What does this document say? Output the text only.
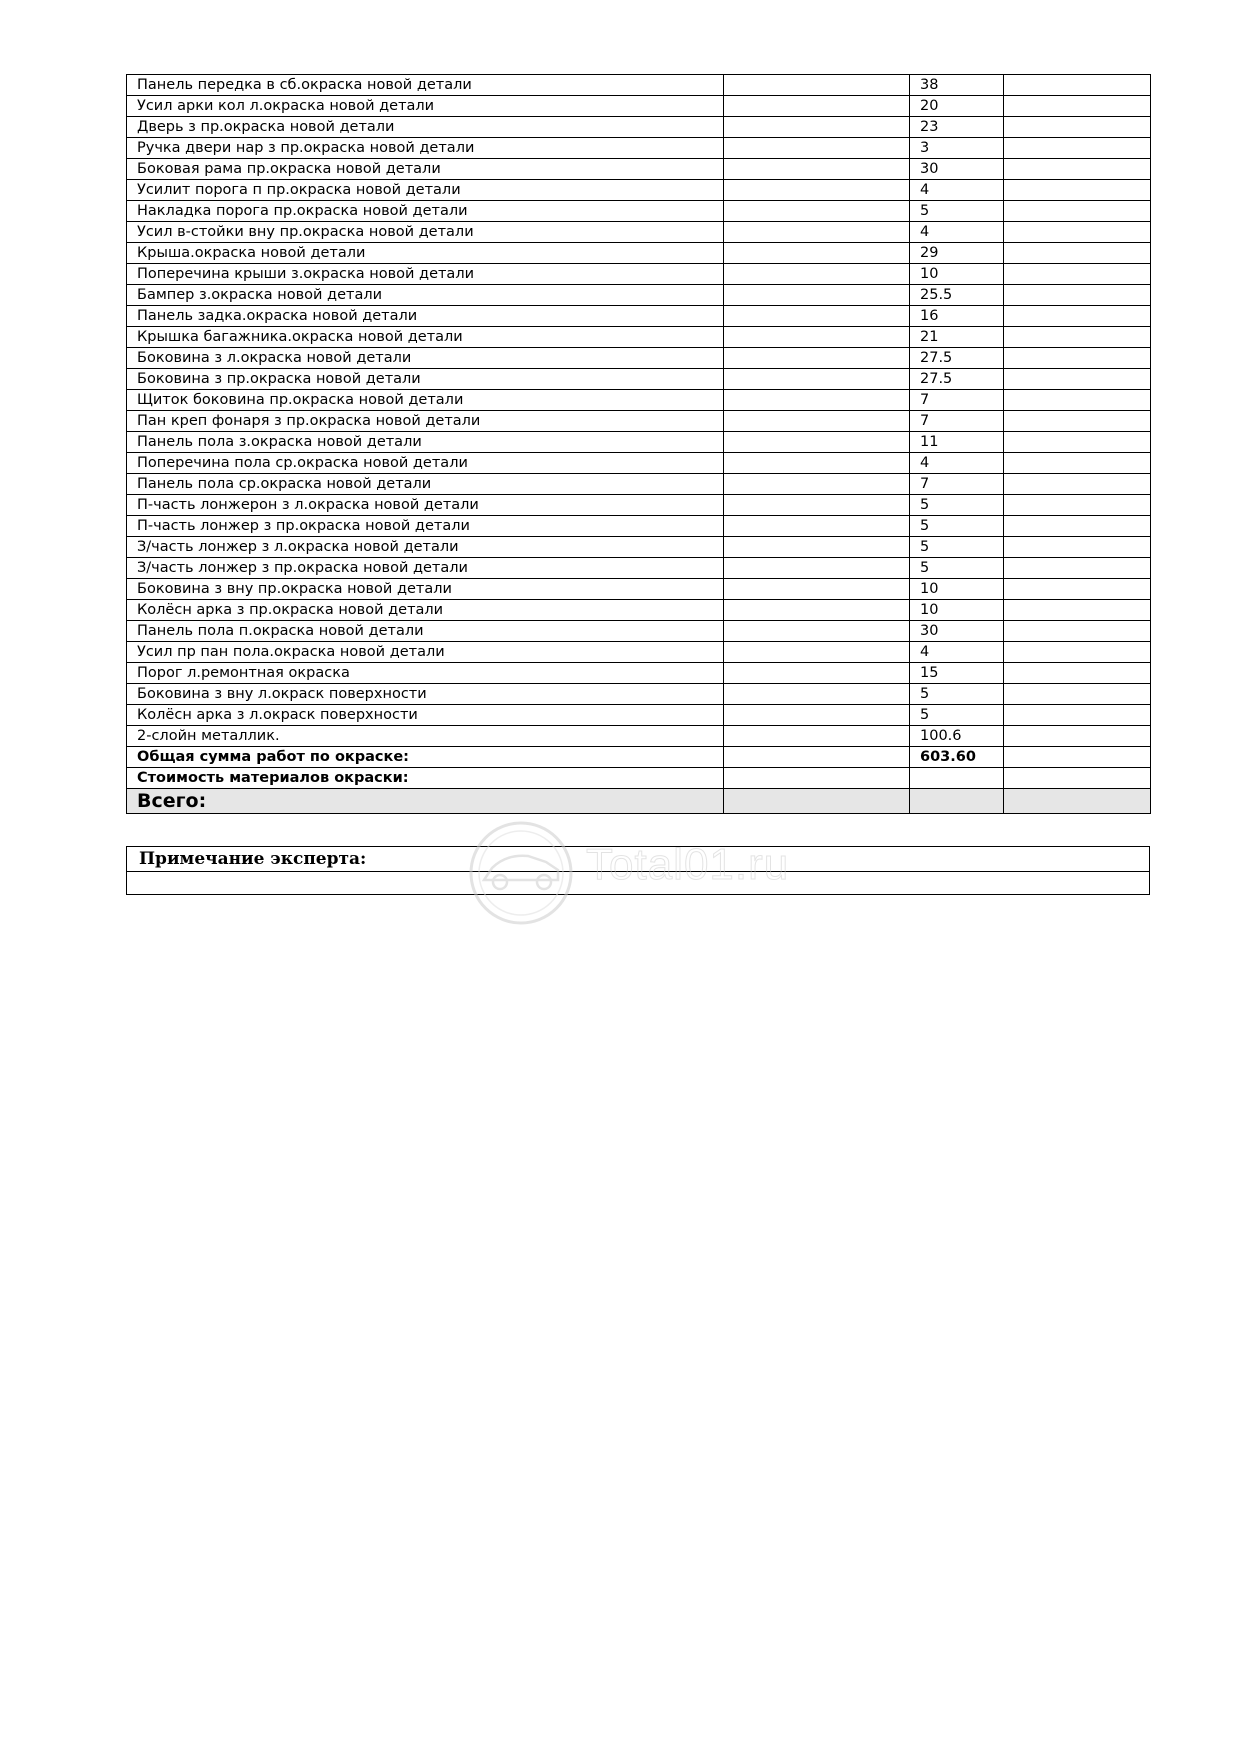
Панель передка в сб.окраска новой детали		38	
Усил арки кол л.окраска новой детали		20	
Дверь з пр.окраска новой детали		23	
Ручка двери нар з пр.окраска новой детали		3	
Боковая рама пр.окраска новой детали		30	
Усилит порога п пр.окраска новой детали		4	
Накладка порога пр.окраска новой детали		5	
Усил в-стойки вну пр.окраска новой детали		4	
Крыша.окраска новой детали		29	
Поперечина крыши з.окраска новой детали		10	
Бампер з.окраска новой детали		25.5	
Панель задка.окраска новой детали		16	
Крышка багажника.окраска новой детали		21	
Боковина з л.окраска новой детали		27.5	
Боковина з пр.окраска новой детали		27.5	
Щиток боковина пр.окраска новой детали		7	
Пан креп фонаря з пр.окраска новой детали		7	
Панель пола з.окраска новой детали		11	
Поперечина пола ср.окраска новой детали		4	
Панель пола ср.окраска новой детали		7	
П-часть лонжерон з л.окраска новой детали		5	
П-часть лонжер з пр.окраска новой детали		5	
З/часть лонжер з л.окраска новой детали		5	
З/часть лонжер з пр.окраска новой детали		5	
Боковина з вну пр.окраска новой детали		10	
Колёсн арка з пр.окраска новой детали		10	
Панель пола п.окраска новой детали		30	
Усил пр пан пола.окраска новой детали		4	
Порог л.ремонтная окраска		15	
Боковина з вну л.окраск поверхности		5	
Колёсн арка з л.окраск поверхности		5	
2-слойн металлик.		100.6	
Общая сумма работ по окраске:		603.60	
Стоимость материалов окраски:			
Всего:			
Примечание эксперта:	Total01.ru
